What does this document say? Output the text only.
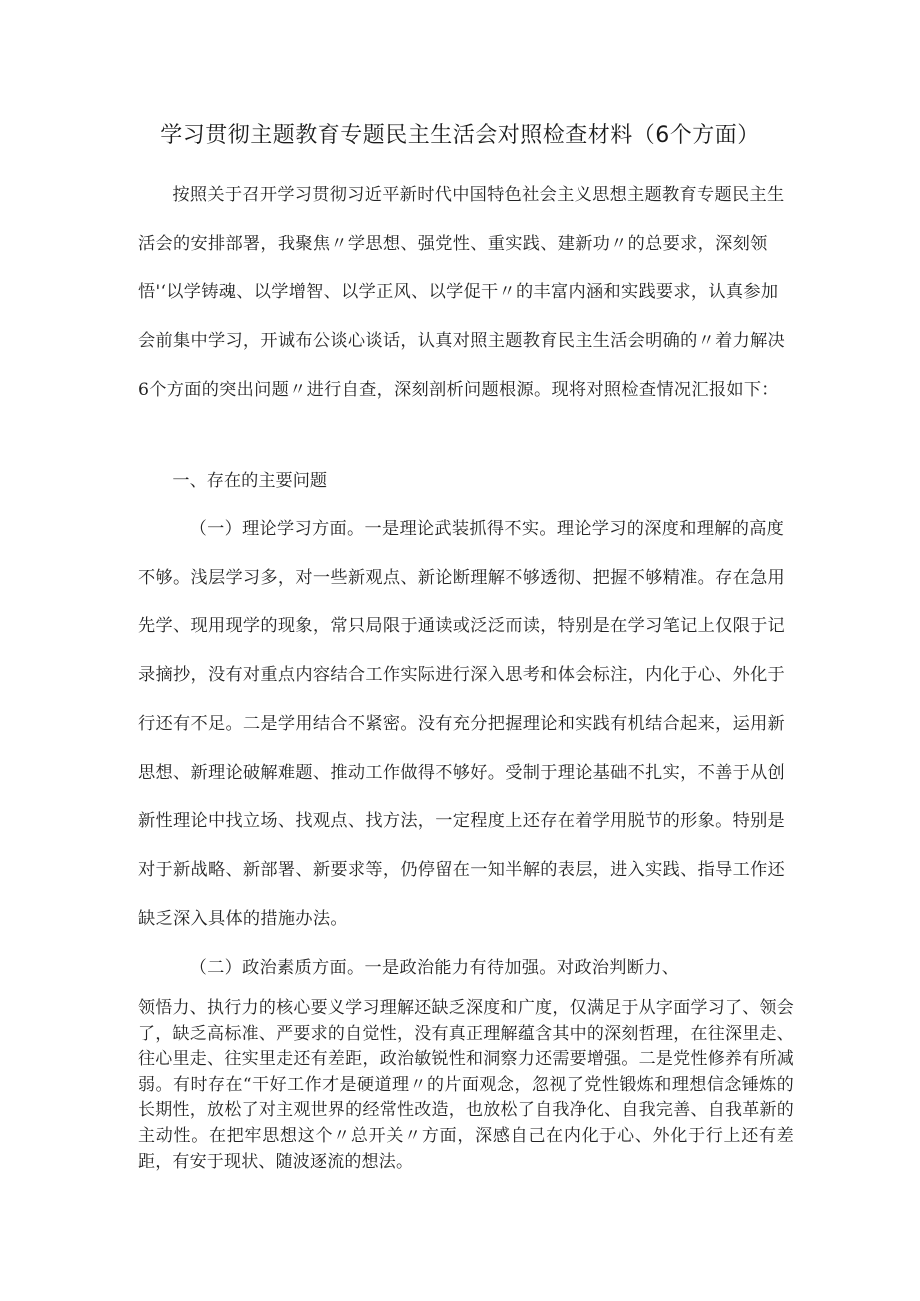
学习贯彻主题教育专题民主生活会对照检查材料（6个方面）

按照关于召开学习贯彻习近平新时代中国特色社会主义思想主题教育专题民主生活会的安排部署，我聚焦〃学思想、强党性、重实践、建新功〃的总要求，深刻领悟'‘以学铸魂、以学增智、以学正风、以学促干〃的丰富内涵和实践要求，认真参加会前集中学习，开诚布公谈心谈话，认真对照主题教育民主生活会明确的〃着力解决6个方面的突出问题〃进行自查，深刻剖析问题根源。现将对照检查情况汇报如下：

一、存在的主要问题

（一）理论学习方面。一是理论武装抓得不实。理论学习的深度和理解的高度不够。浅层学习多，对一些新观点、新论断理解不够透彻、把握不够精准。存在急用先学、现用现学的现象，常只局限于通读或泛泛而读，特别是在学习笔记上仅限于记录摘抄，没有对重点内容结合工作实际进行深入思考和体会标注，内化于心、外化于行还有不足。二是学用结合不紧密。没有充分把握理论和实践有机结合起来，运用新思想、新理论破解难题、推动工作做得不够好。受制于理论基础不扎实，不善于从创新性理论中找立场、找观点、找方法，一定程度上还存在着学用脱节的形象。特别是对于新战略、新部署、新要求等，仍停留在一知半解的表层，进入实践、指导工作还缺乏深入具体的措施办法。

（二）政治素质方面。一是政治能力有待加强。对政治判断力、

领悟力、执行力的核心要义学习理解还缺乏深度和广度，仅满足于从字面学习了、领会了，缺乏高标准、严要求的自觉性，没有真正理解蕴含其中的深刻哲理，在往深里走、往心里走、往实里走还有差距，政治敏锐性和洞察力还需要增强。二是党性修养有所减弱。有时存在“干好工作才是硬道理〃的片面观念，忽视了党性锻炼和理想信念锤炼的长期性，放松了对主观世界的经常性改造，也放松了自我净化、自我完善、自我革新的主动性。在把牢思想这个〃总开关〃方面，深感自己在内化于心、外化于行上还有差距，有安于现状、随波逐流的想法。
